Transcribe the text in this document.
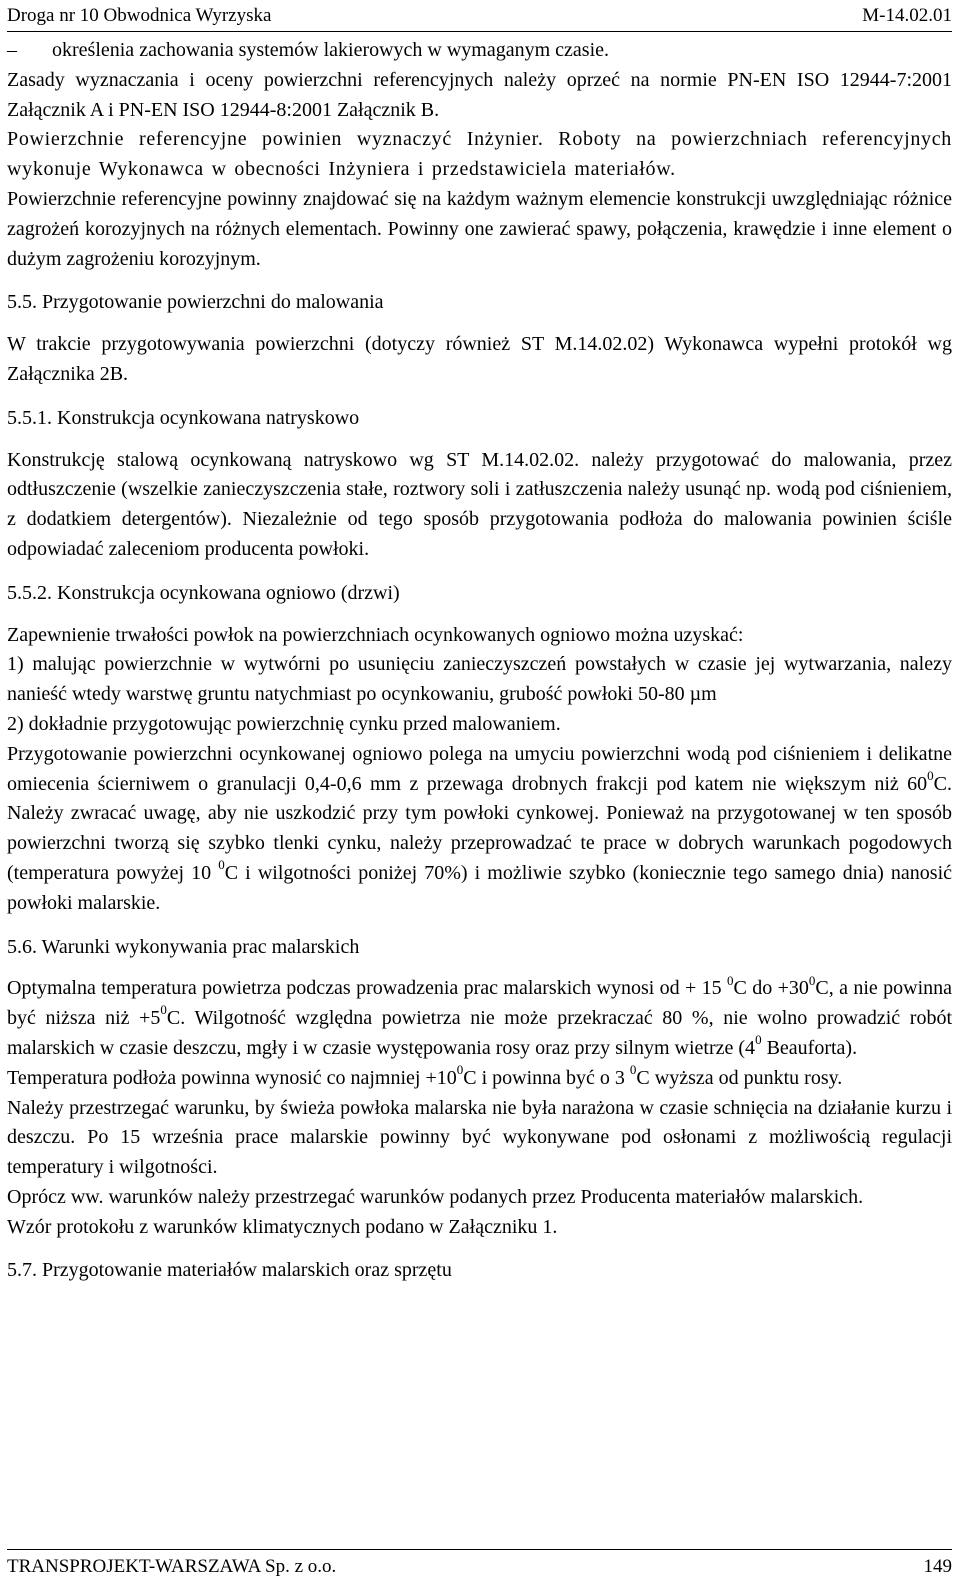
Droga nr 10 Obwodnica Wyrzyska	M-14.02.01
–	określenia zachowania systemów lakierowych w wymaganym czasie.

Zasady wyznaczania i oceny powierzchni referencyjnych należy oprzeć na normie PN-EN ISO 12944-7:2001 Załącznik A i PN-EN ISO 12944-8:2001 Załącznik B.

Powierzchnie referencyjne powinien wyznaczyć Inżynier. Roboty na powierzchniach referencyjnych wykonuje Wykonawca w obecności Inżyniera i przedstawiciela materiałów.

Powierzchnie referencyjne powinny znajdować się na każdym ważnym elemencie konstrukcji uwzględniając różnice zagrożeń korozyjnych na różnych elementach. Powinny one zawierać spawy, połączenia, krawędzie i inne element o dużym zagrożeniu korozyjnym.

5.5. Przygotowanie powierzchni do malowania

W trakcie przygotowywania powierzchni (dotyczy również ST M.14.02.02) Wykonawca wypełni protokół wg Załącznika 2B.

5.5.1. Konstrukcja ocynkowana natryskowo

Konstrukcję stalową ocynkowaną natryskowo wg ST M.14.02.02. należy przygotować do malowania, przez odtłuszczenie (wszelkie zanieczyszczenia stałe, roztwory soli i zatłuszczenia należy usunąć np. wodą pod ciśnieniem, z dodatkiem detergentów). Niezależnie od tego sposób przygotowania podłoża do malowania powinien ściśle odpowiadać zaleceniom producenta powłoki.

5.5.2. Konstrukcja ocynkowana ogniowo (drzwi)

Zapewnienie trwałości powłok na powierzchniach ocynkowanych ogniowo można uzyskać:

1) malując powierzchnie w wytwórni po usunięciu zanieczyszczeń powstałych w czasie jej wytwarzania, nalezy nanieść wtedy warstwę gruntu natychmiast po ocynkowaniu, grubość powłoki 50-80 µm

2) dokładnie przygotowując powierzchnię cynku przed malowaniem.

Przygotowanie powierzchni ocynkowanej ogniowo polega na umyciu powierzchni wodą pod ciśnieniem i delikatne omiecenia ścierniwem o granulacji 0,4-0,6 mm z przewaga drobnych frakcji pod katem nie większym niż $60^0C$. Należy zwracać uwagę, aby nie uszkodzić przy tym powłoki cynkowej. Ponieważ na przygotowanej w ten sposób powierzchni tworzą się szybko tlenki cynku, należy przeprowadzać te prace w dobrych warunkach pogodowych (temperatura powyżej 10 $^0$C i wilgotności poniżej 70%) i możliwie szybko (koniecznie tego samego dnia) nanosić powłoki malarskie.

5.6. Warunki wykonywania prac malarskich

Optymalna temperatura powietrza podczas prowadzenia prac malarskich wynosi od + 15 $^0$C do $+30^0C$, a nie powinna być niższa niż $+5^0C$. Wilgotność względna powietrza nie może przekraczać 80 %, nie wolno prowadzić robót malarskich w czasie deszczu, mgły i w czasie występowania rosy oraz przy silnym wietrze ($4^0$ Beauforta).

Temperatura podłoża powinna wynosić co najmniej $+10^0C$ i powinna być o 3 $^0$C wyższa od punktu rosy.

Należy przestrzegać warunku, by świeża powłoka malarska nie była narażona w czasie schnięcia na działanie kurzu i deszczu. Po 15 września prace malarskie powinny być wykonywane pod osłonami z możliwością regulacji temperatury i wilgotności.

Oprócz ww. warunków należy przestrzegać warunków podanych przez Producenta materiałów malarskich.

Wzór protokołu z warunków klimatycznych podano w Załączniku 1.

5.7. Przygotowanie materiałów malarskich oraz sprzętu

TRANSPROJEKT-WARSZAWA Sp. z o.o.	149
